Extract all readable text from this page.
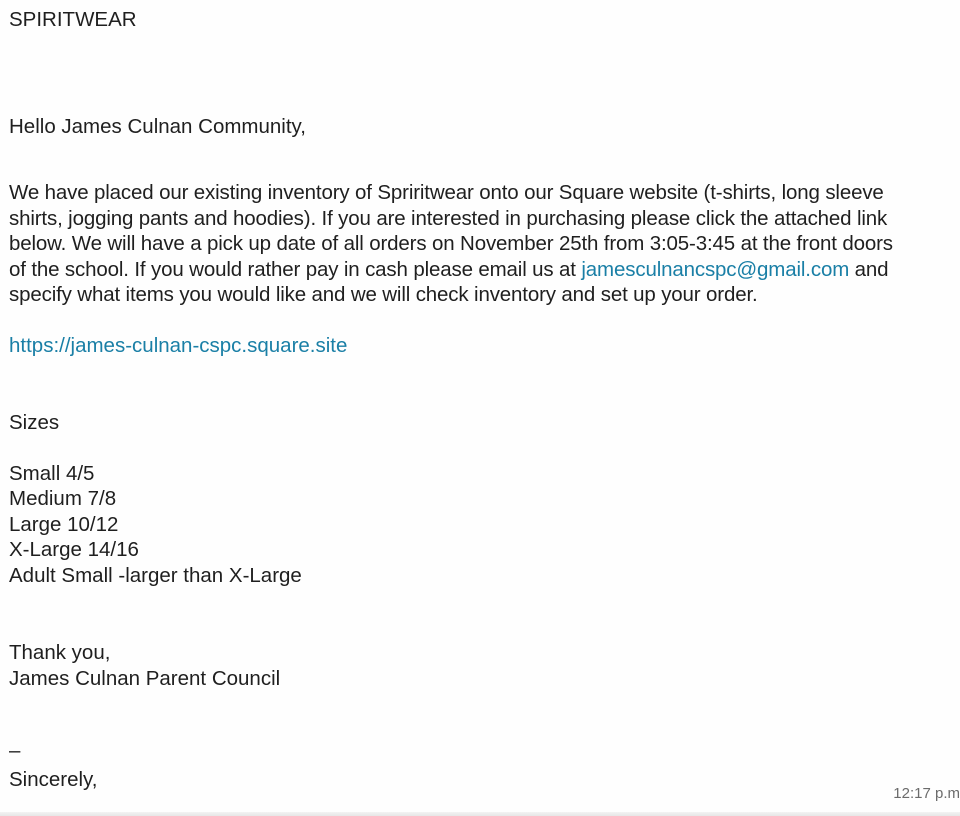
SPIRITWEAR
Hello James Culnan Community,
We have placed our existing inventory of Spriritwear onto our Square website (t-shirts, long sleeve
shirts, jogging pants and hoodies). If you are interested in purchasing please click the attached link
below. We will have a pick up date of all orders on November 25th from 3:05-3:45 at the front doors
of the school. If you would rather pay in cash please email us at jamesculnancspc@gmail.com and
specify what items you would like and we will check inventory and set up your order.
https://james-culnan-cspc.square.site
Sizes
Small 4/5
Medium 7/8
Large 10/12
X-Large 14/16
Adult Small -larger than X-Large
Thank you,
James Culnan Parent Council
–
Sincerely,
12:17 p.m
